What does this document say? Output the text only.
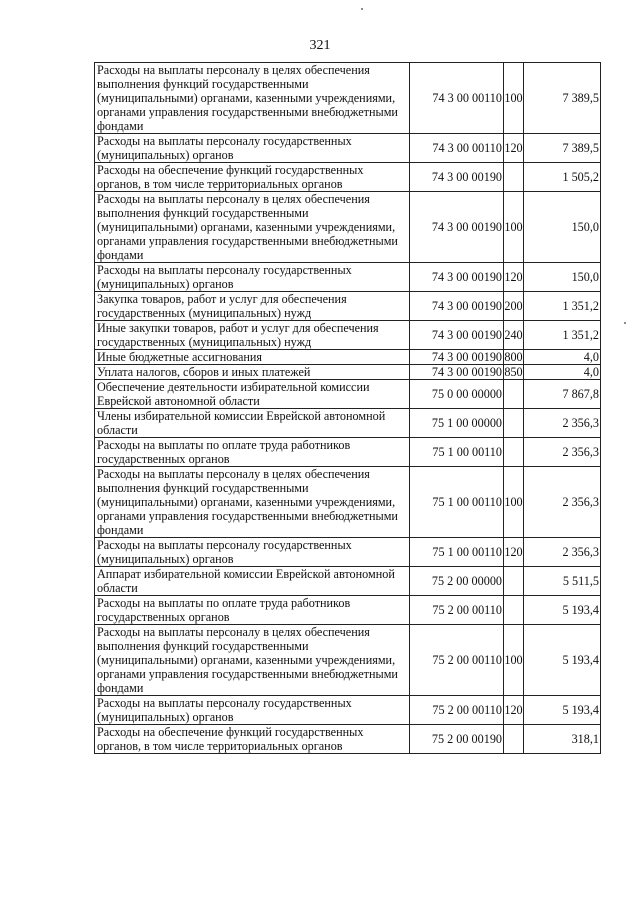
321
Расходы на выплаты персоналу в целях обеспечения выполнения функций государственными (муниципальными) органами, казенными учреждениями, органами управления государственными внебюджетными фондами	74 3 00 00110	100	7 389,5
Расходы на выплаты персоналу государственных (муниципальных) органов	74 3 00 00110	120	7 389,5
Расходы на обеспечение функций государственных органов, в том числе территориальных органов	74 3 00 00190		1 505,2
Расходы на выплаты персоналу в целях обеспечения выполнения функций государственными (муниципальными) органами, казенными учреждениями, органами управления государственными внебюджетными фондами	74 3 00 00190	100	150,0
Расходы на выплаты персоналу государственных (муниципальных) органов	74 3 00 00190	120	150,0
Закупка товаров, работ и услуг для обеспечения государственных (муниципальных) нужд	74 3 00 00190	200	1 351,2
Иные закупки товаров, работ и услуг для обеспечения государственных (муниципальных) нужд	74 3 00 00190	240	1 351,2
Иные бюджетные ассигнования	74 3 00 00190	800	4,0
Уплата налогов, сборов и иных платежей	74 3 00 00190	850	4,0
Обеспечение деятельности избирательной комиссии Еврейской автономной области	75 0 00 00000		7 867,8
Члены избирательной комиссии Еврейской автономной области	75 1 00 00000		2 356,3
Расходы на выплаты по оплате труда работников государственных органов	75 1 00 00110		2 356,3
Расходы на выплаты персоналу в целях обеспечения выполнения функций государственными (муниципальными) органами, казенными учреждениями, органами управления государственными внебюджетными фондами	75 1 00 00110	100	2 356,3
Расходы на выплаты персоналу государственных (муниципальных) органов	75 1 00 00110	120	2 356,3
Аппарат избирательной комиссии Еврейской автономной области	75 2 00 00000		5 511,5
Расходы на выплаты по оплате труда работников государственных органов	75 2 00 00110		5 193,4
Расходы на выплаты персоналу в целях обеспечения выполнения функций государственными (муниципальными) органами, казенными учреждениями, органами управления государственными внебюджетными фондами	75 2 00 00110	100	5 193,4
Расходы на выплаты персоналу государственных (муниципальных) органов	75 2 00 00110	120	5 193,4
Расходы на обеспечение функций государственных органов, в том числе территориальных органов	75 2 00 00190		318,1
